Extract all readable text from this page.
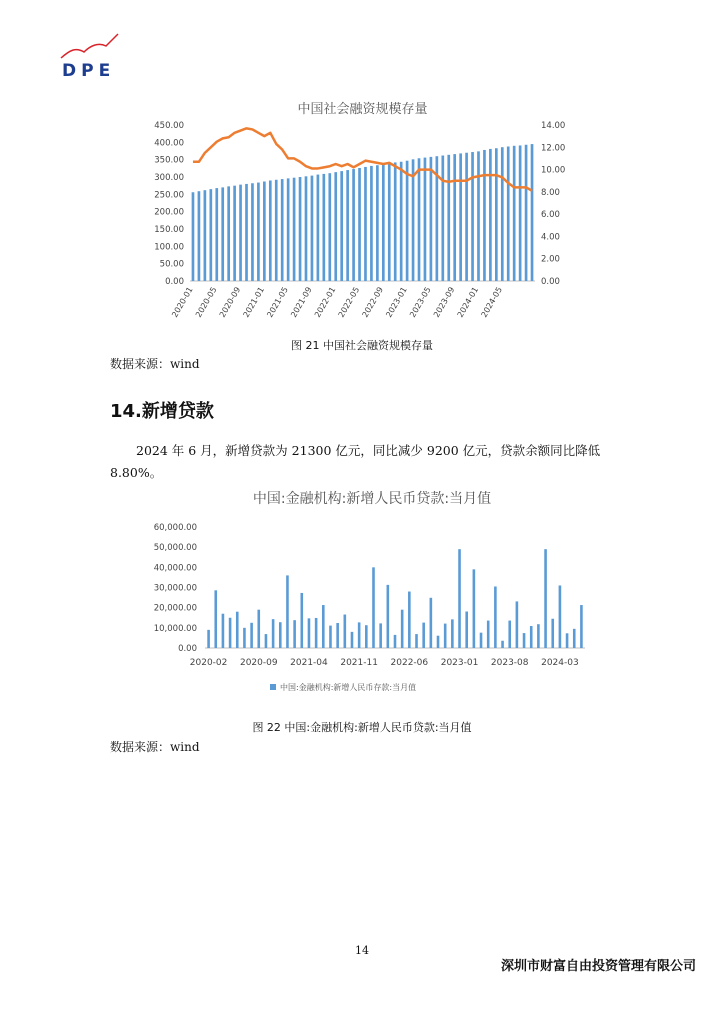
DPE
中国社会融资规模存量
0.00
50.00
100.00
150.00
200.00
250.00
300.00
350.00
400.00
450.00
0.00
2.00
4.00
6.00
8.00
10.00
12.00
14.00
2020-01 2020-05 2020-09 2021-01 2021-05 2021-09 2022-01 2022-05 2022-09 2023-01 2023-05 2023-09 2024-01 2024-05
图 21 中国社会融资规模存量
数据来源：wind
14.新增贷款
2024 年 6 月，新增贷款为 21300 亿元，同比减少 9200 亿元，贷款余额同比降低 8.80%。
中国:金融机构:新增人民币贷款:当月值
0.00
10,000.00
20,000.00
30,000.00
40,000.00
50,000.00
60,000.00
2020-02 2020-09 2021-04 2021-11 2022-06 2023-01 2023-08 2024-03
中国:金融机构:新增人民币存款:当月值
图 22 中国:金融机构:新增人民币贷款:当月值
数据来源：wind
14
深圳市财富自由投资管理有限公司
